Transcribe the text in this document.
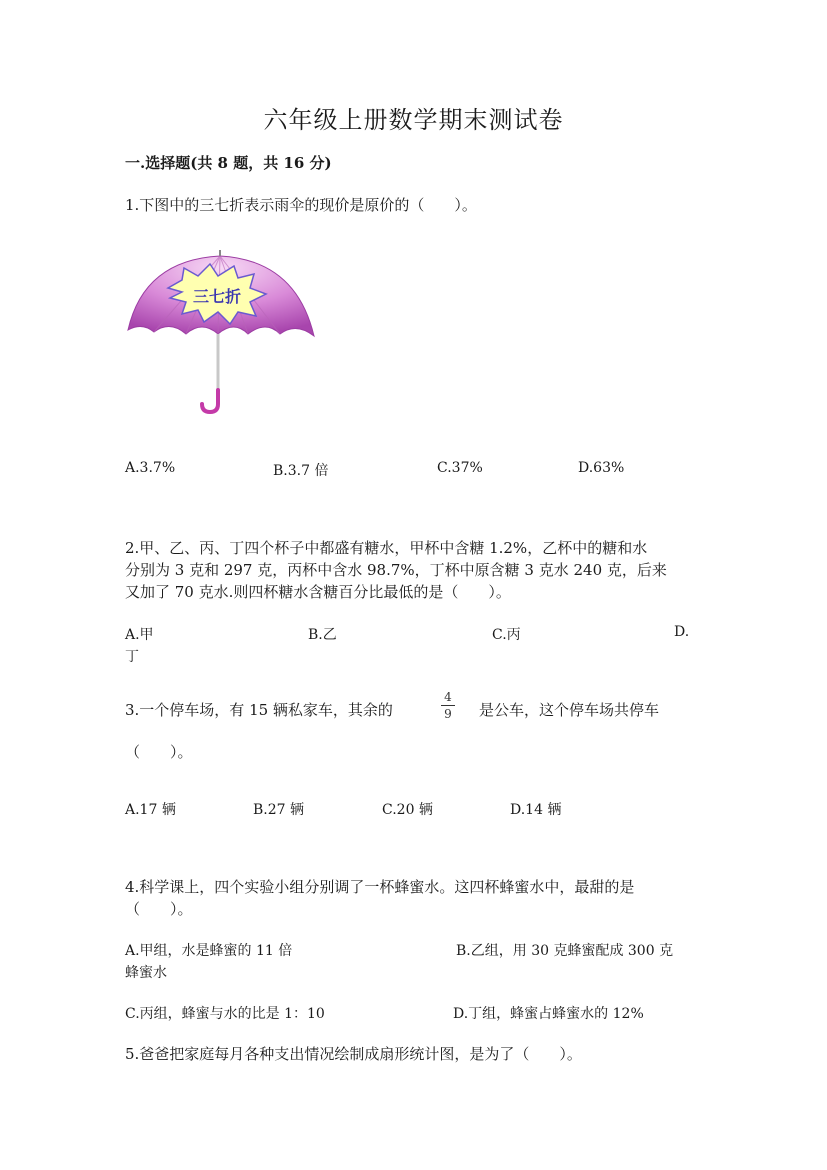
六年级上册数学期末测试卷
一.选择题(共 8 题，共 16 分)
1.下图中的三七折表示雨伞的现价是原价的（　　）。
三七折
A.3.7%	B.3.7 倍	C.37%	D.63%
2.甲、乙、丙、丁四个杯子中都盛有糖水，甲杯中含糖 1.2%，乙杯中的糖和水
分别为 3 克和 297 克，丙杯中含水 98.7%，丁杯中原含糖 3 克水 240 克，后来
又加了 70 克水.则四杯糖水含糖百分比最低的是（　　）。
A.甲	B.乙	C.丙	D.
丁
3.一个停车场，有 15 辆私家车，其余的
4
9 是公车，这个停车场共停车
（　　）。
A.17 辆	B.27 辆	C.20 辆	D.14 辆
4.科学课上，四个实验小组分别调了一杯蜂蜜水。这四杯蜂蜜水中，最甜的是
（　　）。
A.甲组，水是蜂蜜的 11 倍	B.乙组，用 30 克蜂蜜配成 300 克
蜂蜜水
C.丙组，蜂蜜与水的比是 1：10	D.丁组，蜂蜜占蜂蜜水的 12%
5.爸爸把家庭每月各种支出情况绘制成扇形统计图，是为了（　　）。
